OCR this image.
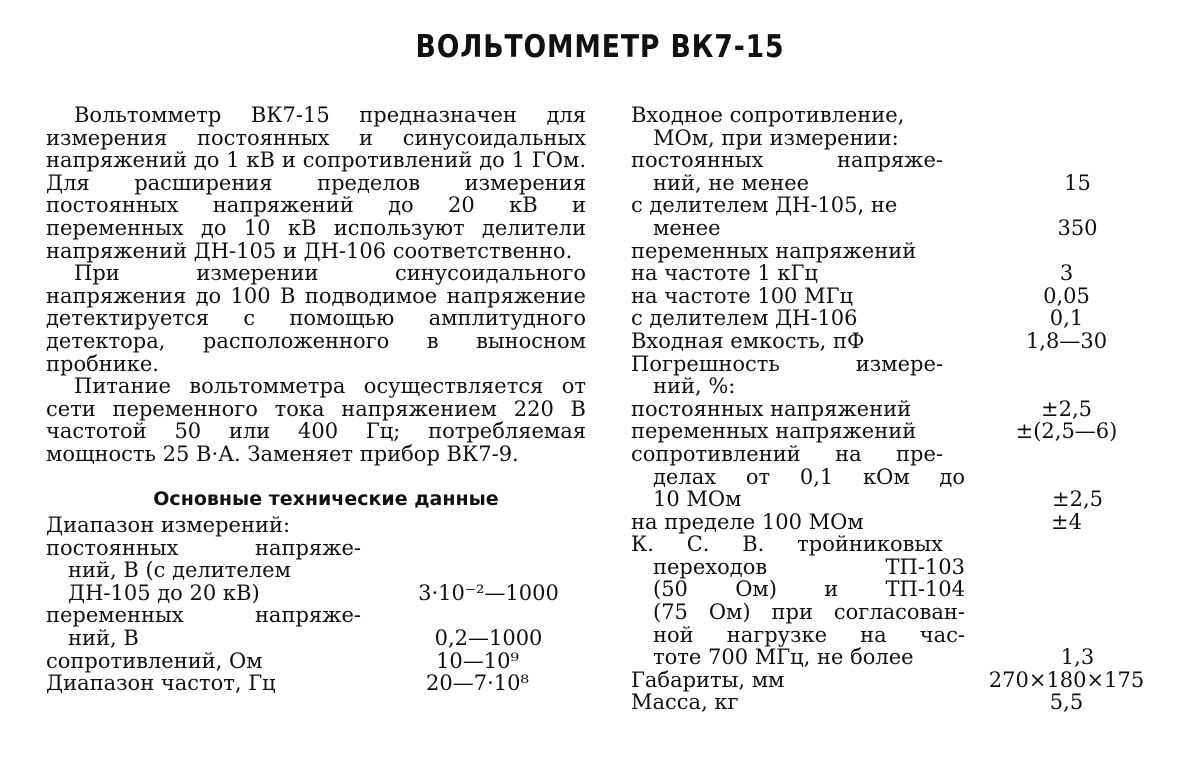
ВОЛЬТОММЕТР ВК7-15

Вольтомметр ВК7-15 предназначен для измерения постоянных и синусоидальных напряжений до 1 кВ и сопротивлений до 1 ГОм. Для расширения пределов измерения постоянных напряжений до 20 кВ и переменных до 10 кВ используют делители напряжений ДН-105 и ДН-106 соответственно.

При измерении синусоидального напряжения до 100 В подводимое напряжение детектируется с помощью амплитудного детектора, расположенного в выносном пробнике.

Питание вольтомметра осуществляется от сети переменного тока напряжением 220 В частотой 50 или 400 Гц; потребляемая мощность 25 В·А. Заменяет прибор ВК7-9.

Основные технические данные
Диапазон измерений:
постоянных напряже-
ний, В (с делителем
ДН-105 до 20 кВ)	3·10⁻²—1000
переменных напряже-
ний, В	0,2—1000
сопротивлений, Ом	10—10⁹
Диапазон частот, Гц	20—7·10⁸
Входное сопротивление,
МОм, при измерении:
постоянных напряже-
ний, не менее	15
с делителем ДН-105, не
менее	350
переменных напряжений
на частоте 1 кГц	3
на частоте 100 МГц	0,05
с делителем ДН-106	0,1
Входная емкость, пФ	1,8—30
Погрешность измере-
ний, %:
постоянных напряжений	±2,5
переменных напряжений	±(2,5—6)
сопротивлений на пре-
делах от 0,1 кОм до
10 МОм	±2,5
на пределе 100 МОм	±4
К. С. В. тройниковых
переходов ТП-103
(50 Ом) и ТП-104
(75 Ом) при согласован-
ной нагрузке на час-
тоте 700 МГц, не более	1,3
Габариты, мм	270×180×175
Масса, кг	5,5
